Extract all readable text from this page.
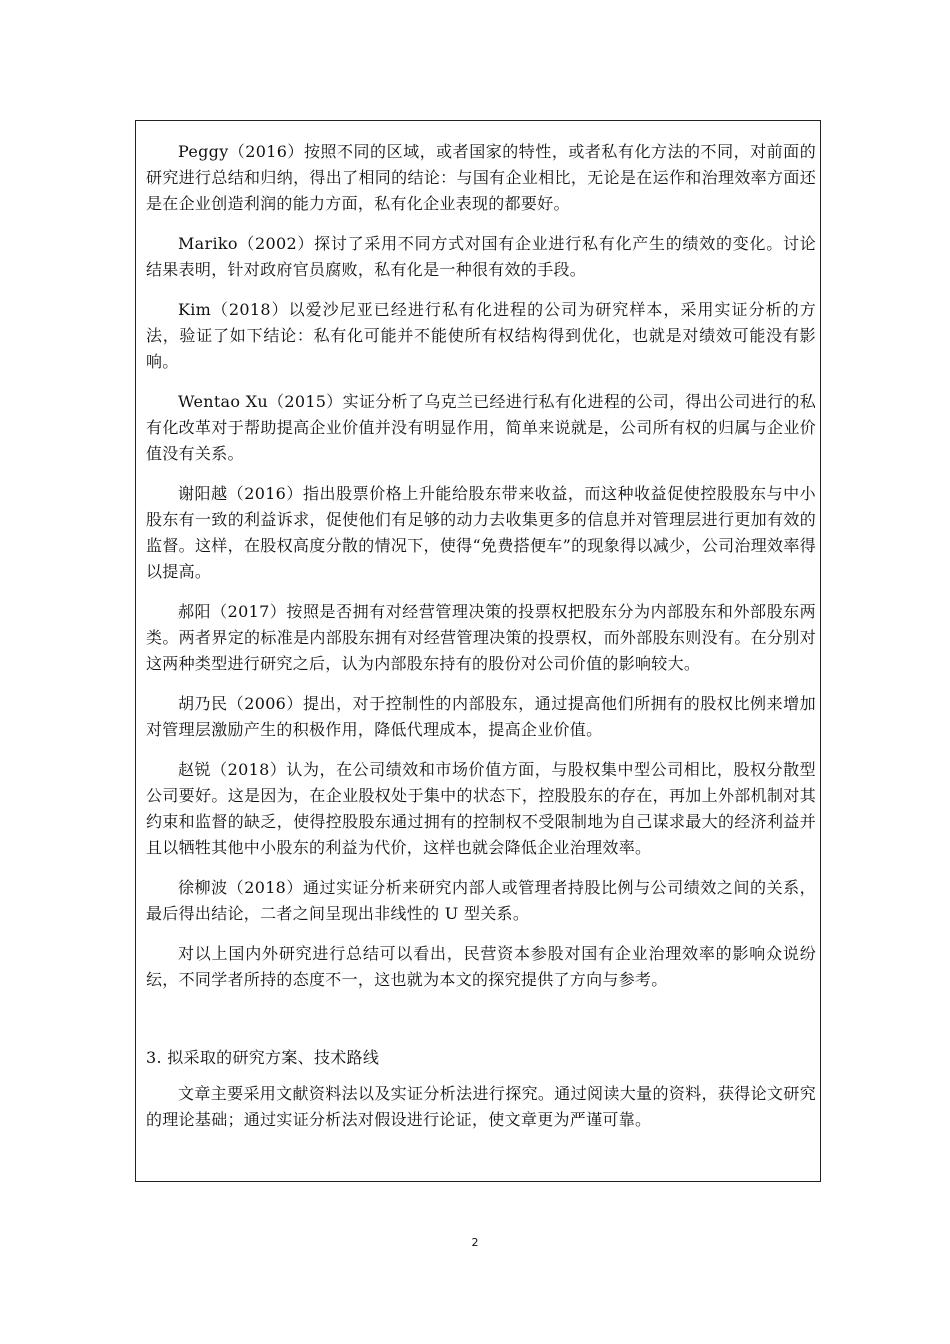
Peggy（2016）按照不同的区域，或者国家的特性，或者私有化方法的不同，对前面的研究进行总结和归纳，得出了相同的结论：与国有企业相比，无论是在运作和治理效率方面还是在企业创造利润的能力方面，私有化企业表现的都要好。

Mariko（2002）探讨了采用不同方式对国有企业进行私有化产生的绩效的变化。讨论结果表明，针对政府官员腐败，私有化是一种很有效的手段。

Kim（2018）以爱沙尼亚已经进行私有化进程的公司为研究样本，采用实证分析的方法，验证了如下结论：私有化可能并不能使所有权结构得到优化，也就是对绩效可能没有影响。

Wentao Xu（2015）实证分析了乌克兰已经进行私有化进程的公司，得出公司进行的私有化改革对于帮助提高企业价值并没有明显作用，简单来说就是，公司所有权的归属与企业价值没有关系。

谢阳越（2016）指出股票价格上升能给股东带来收益，而这种收益促使控股股东与中小股东有一致的利益诉求，促使他们有足够的动力去收集更多的信息并对管理层进行更加有效的监督。这样，在股权高度分散的情况下，使得“免费搭便车”的现象得以减少，公司治理效率得以提高。

郝阳（2017）按照是否拥有对经营管理决策的投票权把股东分为内部股东和外部股东两类。两者界定的标准是内部股东拥有对经营管理决策的投票权，而外部股东则没有。在分别对这两种类型进行研究之后，认为内部股东持有的股份对公司价值的影响较大。

胡乃民（2006）提出，对于控制性的内部股东，通过提高他们所拥有的股权比例来增加对管理层激励产生的积极作用，降低代理成本，提高企业价值。

赵锐（2018）认为，在公司绩效和市场价值方面，与股权集中型公司相比，股权分散型公司要好。这是因为，在企业股权处于集中的状态下，控股股东的存在，再加上外部机制对其约束和监督的缺乏，使得控股股东通过拥有的控制权不受限制地为自己谋求最大的经济利益并且以牺牲其他中小股东的利益为代价，这样也就会降低企业治理效率。

徐柳波（2018）通过实证分析来研究内部人或管理者持股比例与公司绩效之间的关系，最后得出结论，二者之间呈现出非线性的 U 型关系。

对以上国内外研究进行总结可以看出，民营资本参股对国有企业治理效率的影响众说纷纭，不同学者所持的态度不一，这也就为本文的探究提供了方向与参考。

3. 拟采取的研究方案、技术路线

文章主要采用文献资料法以及实证分析法进行探究。通过阅读大量的资料，获得论文研究的理论基础；通过实证分析法对假设进行论证，使文章更为严谨可靠。

2
